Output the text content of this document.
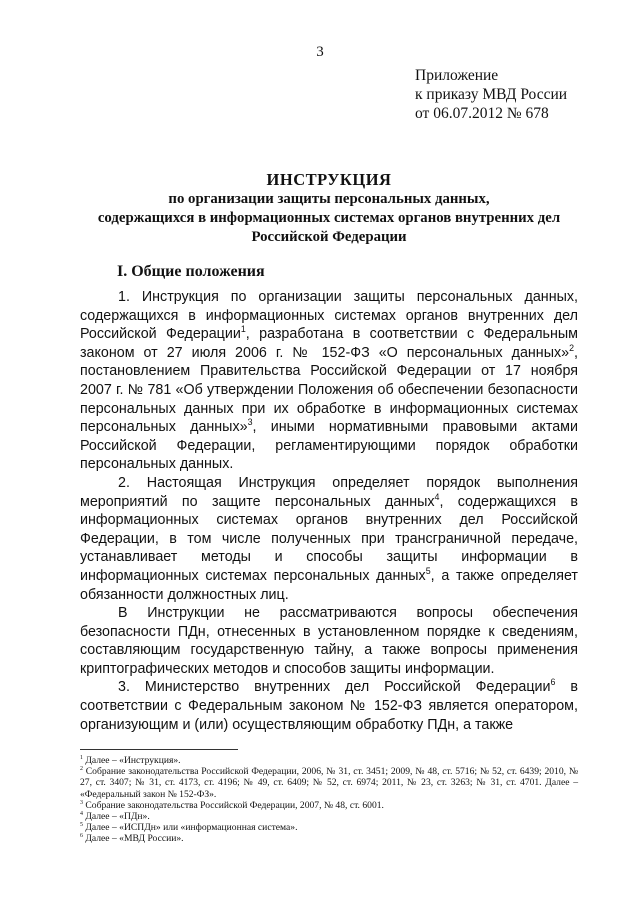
3
Приложение
к приказу МВД России
от 06.07.2012 № 678
ИНСТРУКЦИЯ
по организации защиты персональных данных,
содержащихся в информационных системах органов внутренних дел
Российской Федерации
I. Общие положения

1. Инструкция по организации защиты персональных данных, содержащихся в информационных системах органов внутренних дел Российской Федерации$^1$, разработана в соответствии с Федеральным законом от 27 июля 2006 г. № 152-ФЗ «О персональных данных»$^2$, постановлением Правительства Российской Федерации от 17 ноября 2007 г. № 781 «Об утверждении Положения об обеспечении безопасности персональных данных при их обработке в информационных системах персональных данных»$^3$, иными нормативными правовыми актами Российской Федерации, регламентирующими порядок обработки персональных данных.

2. Настоящая Инструкция определяет порядок выполнения мероприятий по защите персональных данных$^4$, содержащихся в информационных системах органов внутренних дел Российской Федерации, в том числе полученных при трансграничной передаче, устанавливает методы и способы защиты информации в информационных системах персональных данных$^5$, а также определяет обязанности должностных лиц.

В Инструкции не рассматриваются вопросы обеспечения безопасности ПДн, отнесенных в установленном порядке к сведениям, составляющим государственную тайну, а также вопросы применения криптографических методов и способов защиты информации.

3. Министерство внутренних дел Российской Федерации$^6$ в соответствии с Федеральным законом № 152-ФЗ является оператором, организующим и (или) осуществляющим обработку ПДн, а также

$^1$ Далее – «Инструкция».

$^2$ Собрание законодательства Российской Федерации, 2006, № 31, ст. 3451; 2009, № 48, ст. 5716; № 52, ст. 6439; 2010, № 27, ст. 3407; № 31, ст. 4173, ст. 4196; № 49, ст. 6409; № 52, ст. 6974; 2011, № 23, ст. 3263; № 31, ст. 4701. Далее – «Федеральный закон № 152-ФЗ».

$^3$ Собрание законодательства Российской Федерации, 2007, № 48, ст. 6001.

$^4$ Далее – «ПДн».

$^5$ Далее – «ИСПДн» или «информационная система».

$^6$ Далее – «МВД России».
